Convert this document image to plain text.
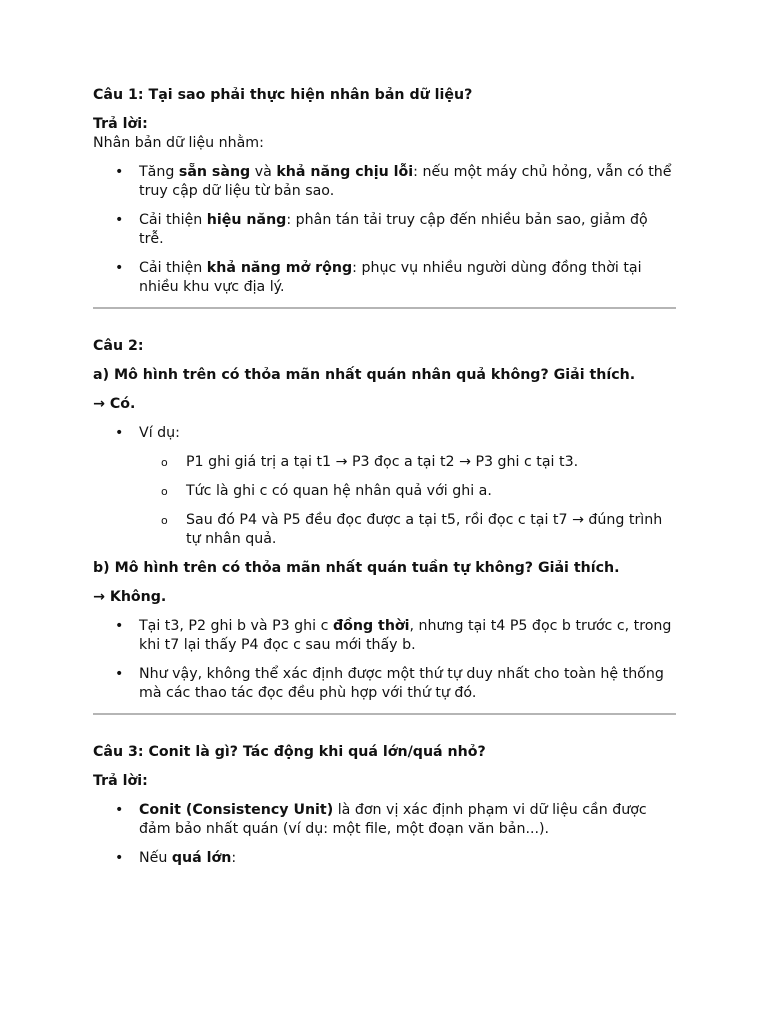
Câu 1: Tại sao phải thực hiện nhân bản dữ liệu?

Trả lời:

Nhân bản dữ liệu nhằm:

• Tăng sẵn sàng và khả năng chịu lỗi: nếu một máy chủ hỏng, vẫn có thể truy cập dữ liệu từ bản sao.
• Cải thiện hiệu năng: phân tán tải truy cập đến nhiều bản sao, giảm độ trễ.
• Cải thiện khả năng mở rộng: phục vụ nhiều người dùng đồng thời tại nhiều khu vực địa lý.

Câu 2:

a) Mô hình trên có thỏa mãn nhất quán nhân quả không? Giải thích.

→ Có.

• Ví dụ:
o P1 ghi giá trị a tại t1 → P3 đọc a tại t2 → P3 ghi c tại t3.
o Tức là ghi c có quan hệ nhân quả với ghi a.
o Sau đó P4 và P5 đều đọc được a tại t5, rồi đọc c tại t7 → đúng trình tự nhân quả.

b) Mô hình trên có thỏa mãn nhất quán tuần tự không? Giải thích.

→ Không.

• Tại t3, P2 ghi b và P3 ghi c đồng thời, nhưng tại t4 P5 đọc b trước c, trong khi t7 lại thấy P4 đọc c sau mới thấy b.
• Như vậy, không thể xác định được một thứ tự duy nhất cho toàn hệ thống mà các thao tác đọc đều phù hợp với thứ tự đó.

Câu 3: Conit là gì? Tác động khi quá lớn/quá nhỏ?

Trả lời:

• Conit (Consistency Unit) là đơn vị xác định phạm vi dữ liệu cần được đảm bảo nhất quán (ví dụ: một file, một đoạn văn bản...).
• Nếu quá lớn:
